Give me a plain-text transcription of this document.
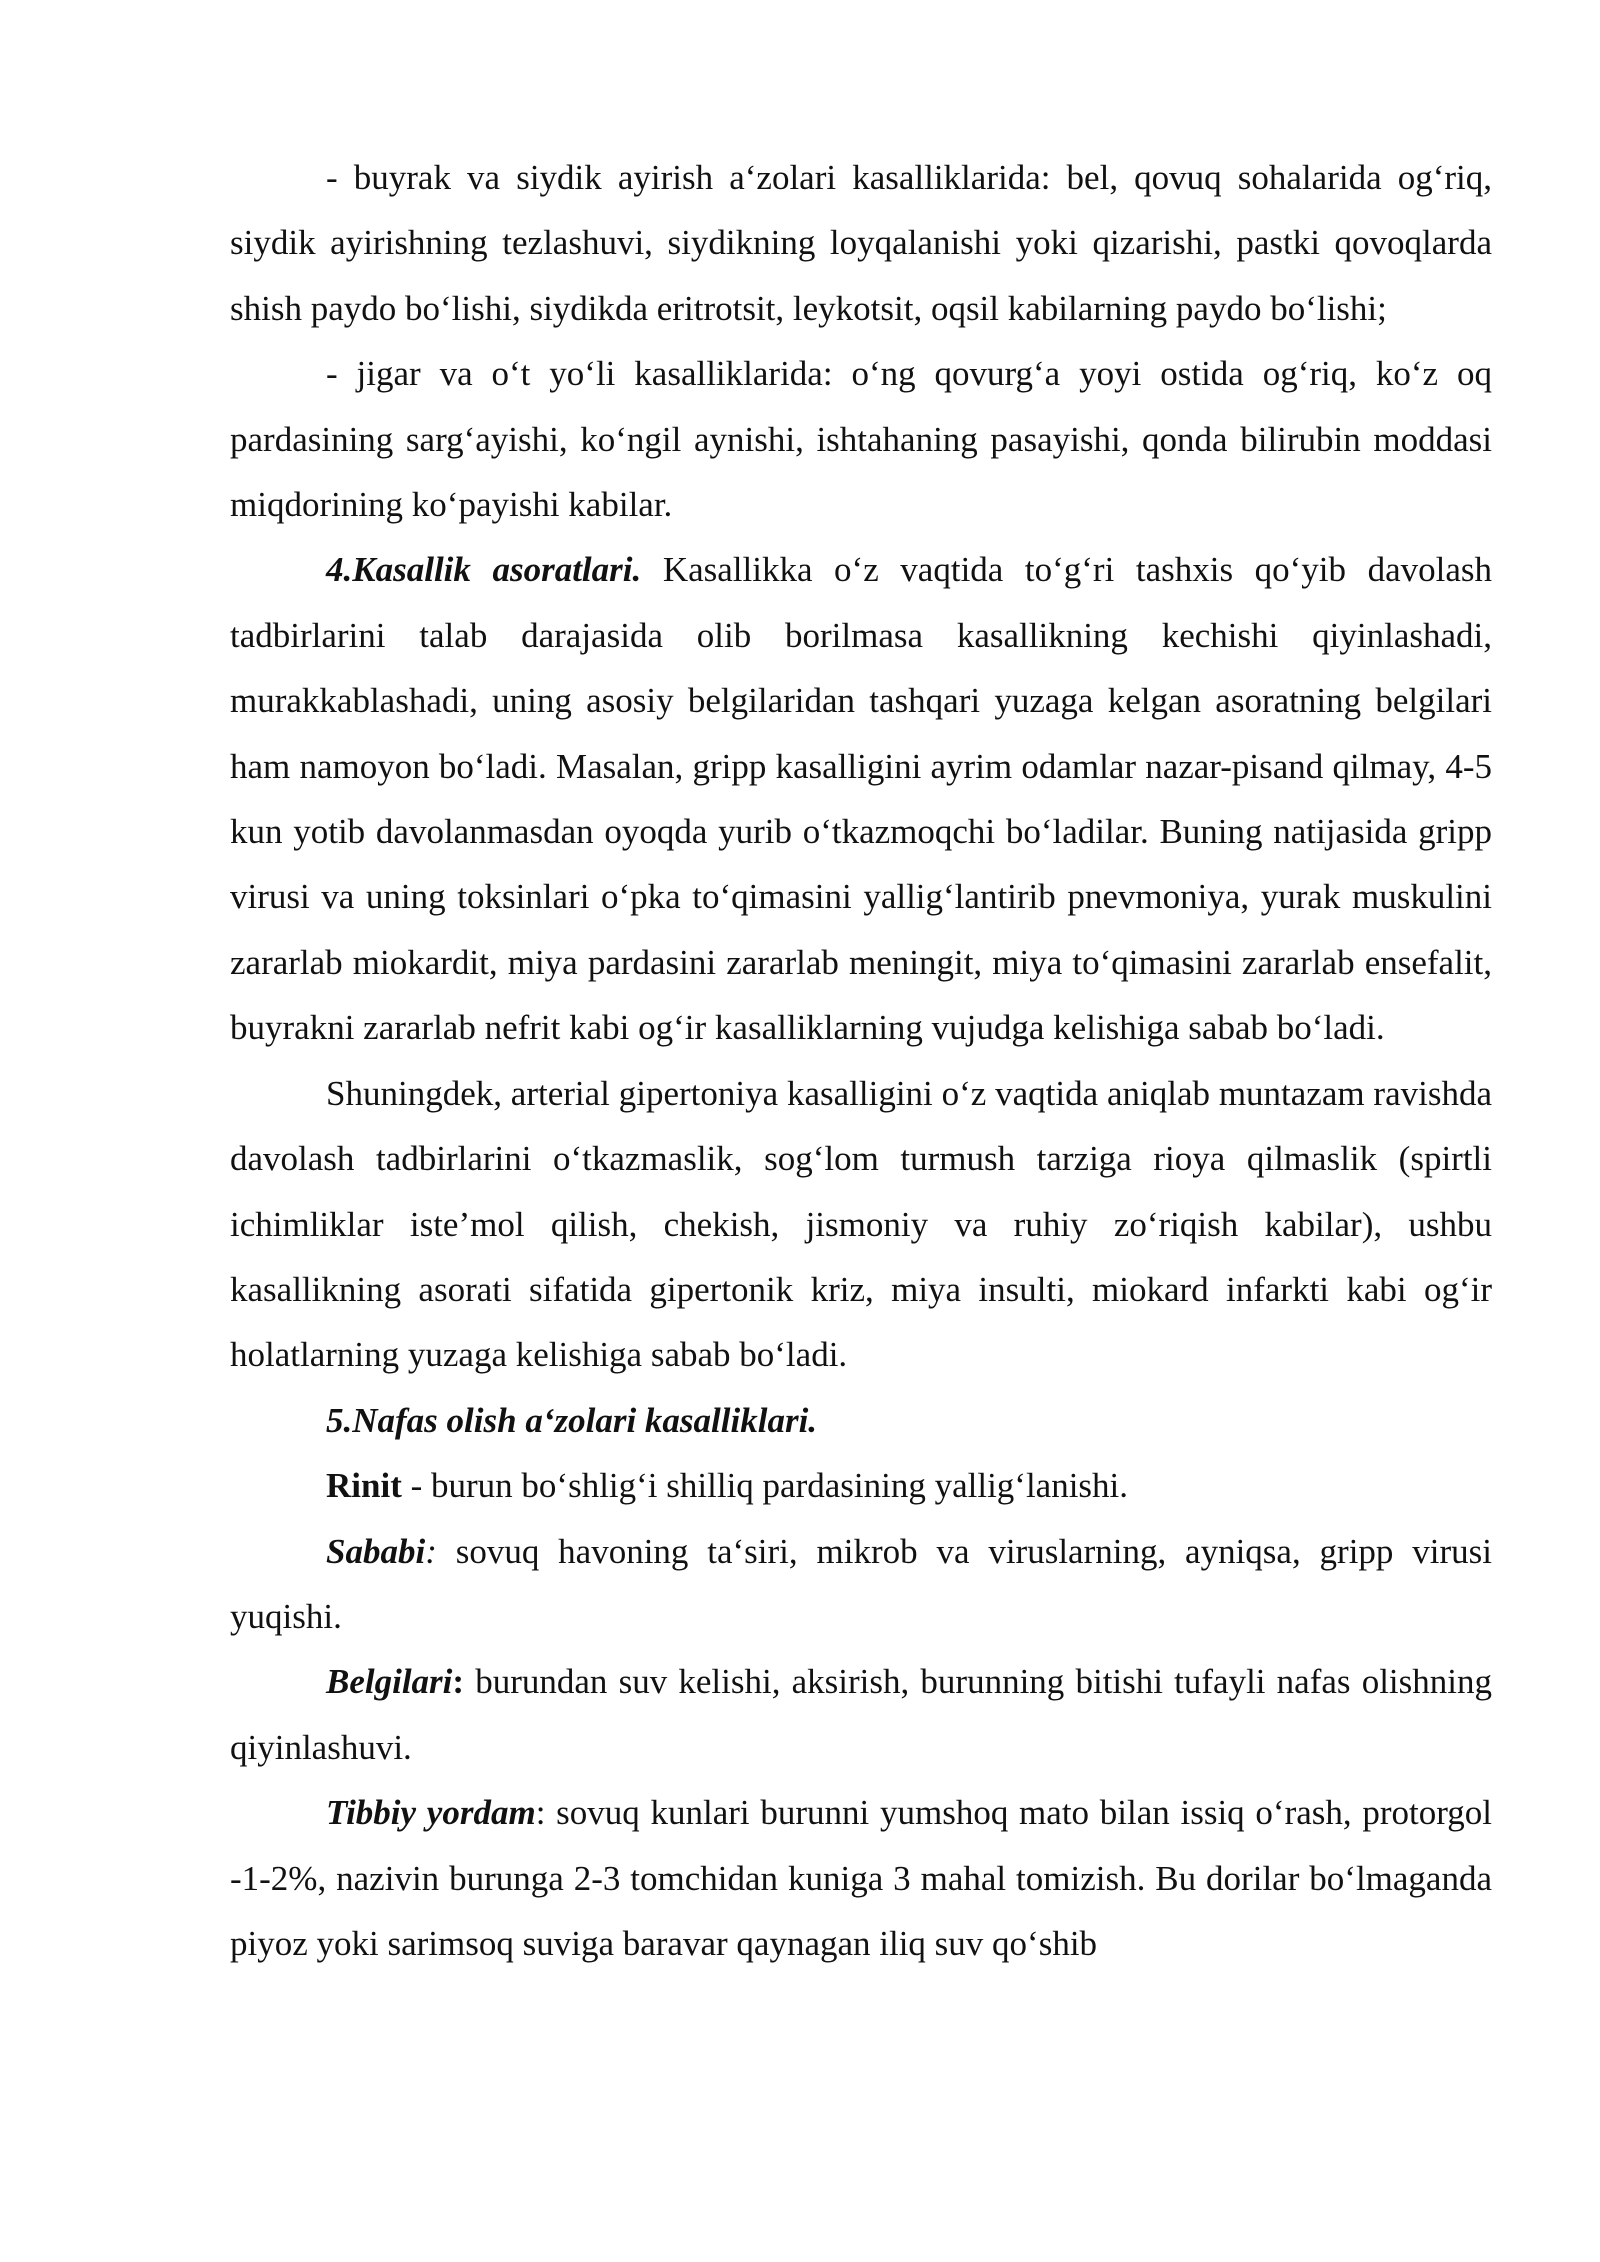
- buyrak va siydik ayirish a‘zolari kasalliklarida: bel, qovuq sohalarida og‘riq, siydik ayirishning tezlashuvi, siydikning loyqalanishi yoki qizarishi, pastki qovoqlarda shish paydo bo‘lishi, siydikda eritrotsit, leykotsit, oqsil kabilarning paydo bo‘lishi;

- jigar va o‘t yo‘li kasalliklarida: o‘ng qovurg‘a yoyi ostida og‘riq, ko‘z oq pardasining sarg‘ayishi, ko‘ngil aynishi, ishtahaning pasayishi, qonda bilirubin moddasi miqdorining ko‘payishi kabilar.

4.Kasallik asoratlari. Kasallikka o‘z vaqtida to‘g‘ri tashxis qo‘yib davolash tadbirlarini talab darajasida olib borilmasa kasallikning kechishi qiyinlashadi, murakkablashadi, uning asosiy belgilaridan tashqari yuzaga kelgan asoratning belgilari ham namoyon bo‘ladi. Masalan, gripp kasalligini ayrim odamlar nazar-pisand qilmay, 4-5 kun yotib davolanmasdan oyoqda yurib o‘tkazmoqchi bo‘ladilar. Buning natijasida gripp virusi va uning toksinlari o‘pka to‘qimasini yallig‘lantirib pnevmoniya, yurak muskulini zararlab miokardit, miya pardasini zararlab meningit, miya to‘qimasini zararlab ensefalit, buyrakni zararlab nefrit kabi og‘ir kasalliklarning vujudga kelishiga sabab bo‘ladi.

Shuningdek, arterial gipertoniya kasalligini o‘z vaqtida aniqlab muntazam ravishda davolash tadbirlarini o‘tkazmaslik, sog‘lom turmush tarziga rioya qilmaslik (spirtli ichimliklar iste’mol qilish, chekish, jismoniy va ruhiy zo‘riqish kabilar), ushbu kasallikning asorati sifatida gipertonik kriz, miya insulti, miokard infarkti kabi og‘ir holatlarning yuzaga kelishiga sabab bo‘ladi.

5.Nafas olish a‘zolari kasalliklari.

Rinit - burun bo‘shlig‘i shilliq pardasining yallig‘lanishi.

Sababi: sovuq havoning ta‘siri, mikrob va viruslarning, ayniqsa, gripp virusi yuqishi.

Belgilari: burundan suv kelishi, aksirish, burunning bitishi tufayli nafas olishning qiyinlashuvi.

Tibbiy yordam: sovuq kunlari burunni yumshoq mato bilan issiq o‘rash, protorgol -1-2%, nazivin burunga 2-3 tomchidan kuniga 3 mahal tomizish. Bu dorilar bo‘lmaganda piyoz yoki sarimsoq suviga baravar qaynagan iliq suv qo‘shib
